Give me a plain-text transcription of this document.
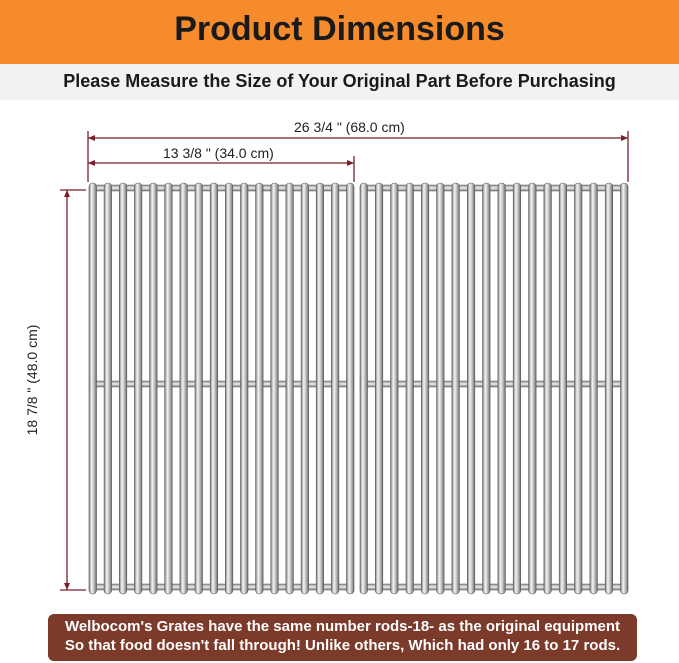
Product Dimensions
Please Measure the Size of Your Original Part Before Purchasing
26 3/4 " (68.0 cm)
13 3/8 " (34.0 cm)
18 7/8 " (48.0 cm)
Welbocom's Grates have the same number rods-18- as the original equipment
So that food doesn't fall through! Unlike others, Which had only 16 to 17 rods.
